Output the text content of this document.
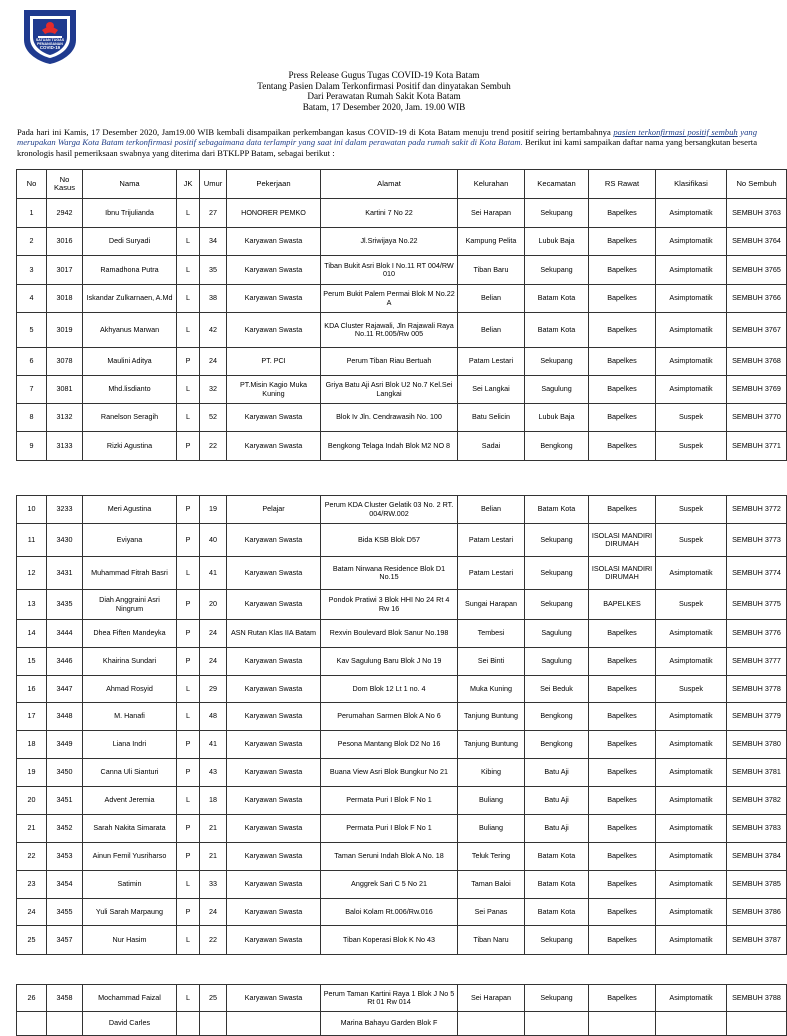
SATUAN TUGAS
PENANGANAN
COVID-19
Press Release Gugus Tugas COVID-19 Kota Batam
Tentang Pasien Dalam Terkonfirmasi Positif dan dinyatakan Sembuh
Dari Perawatan Rumah Sakit Kota Batam
Batam, 17 Desember 2020, Jam. 19.00 WIB
Pada hari ini Kamis, 17 Desember 2020, Jam19.00 WIB kembali disampaikan perkembangan kasus COVID-19 di Kota Batam menuju trend positif seiring bertambahnya pasien terkonfirmasi positif sembuh yang merupakan Warga Kota Batam terkonfirmasi positif sebagaimana data terlampir yang saat ini dalam perawatan pada rumah sakit di Kota Batam. Berikut ini kami sampaikan daftar nama yang bersangkutan beserta kronologis hasil pemeriksaan swabnya yang diterima dari BTKLPP Batam, sebagai berikut :
No	No Kasus	Nama	JK	Umur	Pekerjaan	Alamat	Kelurahan	Kecamatan	RS Rawat	Klasifikasi	No Sembuh
1	2942	Ibnu Trijulianda	L	27	HONORER PEMKO	Kartini 7 No 22	Sei Harapan	Sekupang	Bapelkes	Asimptomatik	SEMBUH 3763
2	3016	Dedi Suryadi	L	34	Karyawan Swasta	Jl.Sriwijaya No.22	Kampung Pelita	Lubuk Baja	Bapelkes	Asimptomatik	SEMBUH 3764
3	3017	Ramadhona Putra	L	35	Karyawan Swasta	Tiban Bukit Asri Blok I No.11 RT 004/RW 010	Tiban Baru	Sekupang	Bapelkes	Asimptomatik	SEMBUH 3765
4	3018	Iskandar Zulkarnaen, A.Md	L	38	Karyawan Swasta	Perum Bukit Palem Permai Blok M No.22 A	Belian	Batam Kota	Bapelkes	Asimptomatik	SEMBUH 3766
5	3019	Akhyanus Marwan	L	42	Karyawan Swasta	KDA Cluster Rajawali, Jln Rajawali Raya No.11 Rt.005/Rw 005	Belian	Batam Kota	Bapelkes	Asimptomatik	SEMBUH 3767
6	3078	Maulini Aditya	P	24	PT. PCI	Perum Tiban Riau Bertuah	Patam Lestari	Sekupang	Bapelkes	Asimptomatik	SEMBUH 3768
7	3081	Mhd.lisdianto	L	32	PT.Misin Kagio Muka Kuning	Griya Batu Aji Asri Blok U2 No.7 Kel.Sei Langkai	Sei Langkai	Sagulung	Bapelkes	Asimptomatik	SEMBUH 3769
8	3132	Ranelson Seragih	L	52	Karyawan Swasta	Blok Iv Jln. Cendrawasih No. 100	Batu Selicin	Lubuk Baja	Bapelkes	Suspek	SEMBUH 3770
9	3133	Rizki Agustina	P	22	Karyawan Swasta	Bengkong Telaga Indah Blok M2 NO 8	Sadai	Bengkong	Bapelkes	Suspek	SEMBUH 3771
10	3233	Meri Agustina	P	19	Pelajar	Perum KDA Cluster Gelatik 03 No. 2 RT. 004/RW.002	Belian	Batam Kota	Bapelkes	Suspek	SEMBUH 3772
11	3430	Eviyana	P	40	Karyawan Swasta	Bida KSB Blok D57	Patam Lestari	Sekupang	ISOLASI MANDIRI DIRUMAH	Suspek	SEMBUH 3773
12	3431	Muhammad Fitrah Basri	L	41	Karyawan Swasta	Batam Nirwana Residence Blok D1 No.15	Patam Lestari	Sekupang	ISOLASI MANDIRI DIRUMAH	Asimptomatik	SEMBUH 3774
13	3435	Diah Anggraini Asri Ningrum	P	20	Karyawan Swasta	Pondok Pratiwi 3 Blok HHI No 24 Rt 4 Rw 16	Sungai Harapan	Sekupang	BAPELKES	Suspek	SEMBUH 3775
14	3444	Dhea Fiften Mandeyka	P	24	ASN Rutan Klas IIA Batam	Rexvin Boulevard Blok Sanur No.198	Tembesi	Sagulung	Bapelkes	Asimptomatik	SEMBUH 3776
15	3446	Khairina Sundari	P	24	Karyawan Swasta	Kav Sagulung Baru Blok J No 19	Sei Binti	Sagulung	Bapelkes	Asimptomatik	SEMBUH 3777
16	3447	Ahmad Rosyid	L	29	Karyawan Swasta	Dom Blok 12 Lt 1 no. 4	Muka Kuning	Sei Beduk	Bapelkes	Suspek	SEMBUH 3778
17	3448	M. Hanafi	L	48	Karyawan Swasta	Perumahan Sarmen Blok A No 6	Tanjung Buntung	Bengkong	Bapelkes	Asimptomatik	SEMBUH 3779
18	3449	Liana Indri	P	41	Karyawan Swasta	Pesona Mantang Blok D2 No 16	Tanjung Buntung	Bengkong	Bapelkes	Asimptomatik	SEMBUH 3780
19	3450	Canna Uli Sianturi	P	43	Karyawan Swasta	Buana View Asri Blok Bungkur No 21	Kibing	Batu Aji	Bapelkes	Asimptomatik	SEMBUH 3781
20	3451	Advent Jeremia	L	18	Karyawan Swasta	Permata Puri I Blok F No 1	Buliang	Batu Aji	Bapelkes	Asimptomatik	SEMBUH 3782
21	3452	Sarah Nakita Simarata	P	21	Karyawan Swasta	Permata Puri I Blok F No 1	Buliang	Batu Aji	Bapelkes	Asimptomatik	SEMBUH 3783
22	3453	Ainun Femil Yusriharso	P	21	Karyawan Swasta	Taman Seruni Indah Blok A No. 18	Teluk Tering	Batam Kota	Bapelkes	Asimptomatik	SEMBUH 3784
23	3454	Satimin	L	33	Karyawan Swasta	Anggrek Sari C 5 No 21	Taman Baloi	Batam Kota	Bapelkes	Asimptomatik	SEMBUH 3785
24	3455	Yuli Sarah Marpaung	P	24	Karyawan Swasta	Baloi Kolam Rt.006/Rw.016	Sei Panas	Batam Kota	Bapelkes	Asimptomatik	SEMBUH 3786
25	3457	Nur Hasim	L	22	Karyawan Swasta	Tiban Koperasi Blok K No 43	Tiban Naru	Sekupang	Bapelkes	Asimptomatik	SEMBUH 3787
26	3458	Mochammad Faizal	L	25	Karyawan Swasta	Perum Taman Kartini Raya 1 Blok J No 5 Rt 01 Rw 014	Sei Harapan	Sekupang	Bapelkes	Asimptomatik	SEMBUH 3788
		David Carles				Marina Bahayu Garden Blok F					
